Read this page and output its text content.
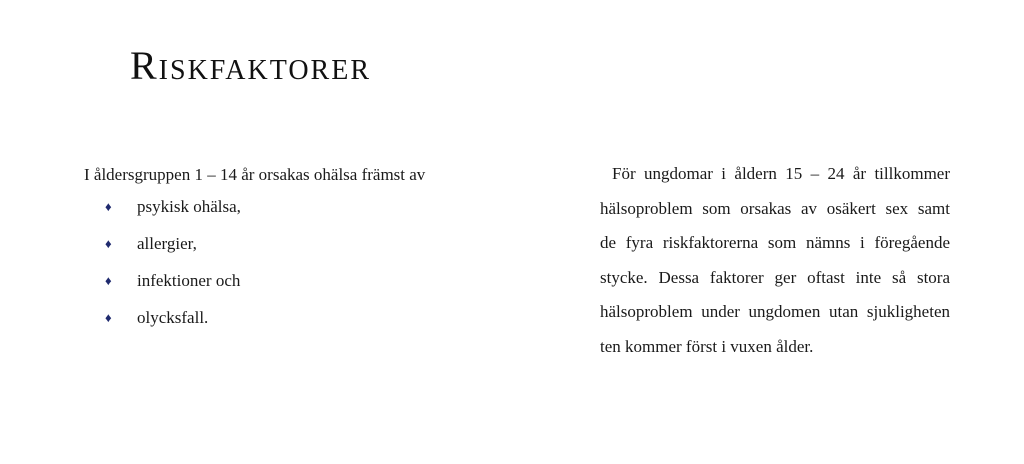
Riskfaktorer

I åldersgruppen 1 – 14 år orsakas ohälsa främst av

♦ psykisk ohälsa,
♦ allergier,
♦ infektioner och
♦ olycksfall.
För ungdomar i åldern 15 – 24 år tillkommer
hälsoproblem som orsakas av osäkert sex samt
de fyra riskfaktorerna som nämns i föregående
stycke. Dessa faktorer ger oftast inte så stora
hälsoproblem under ungdomen utan sjukligheten
ten kommer först i vuxen ålder.
